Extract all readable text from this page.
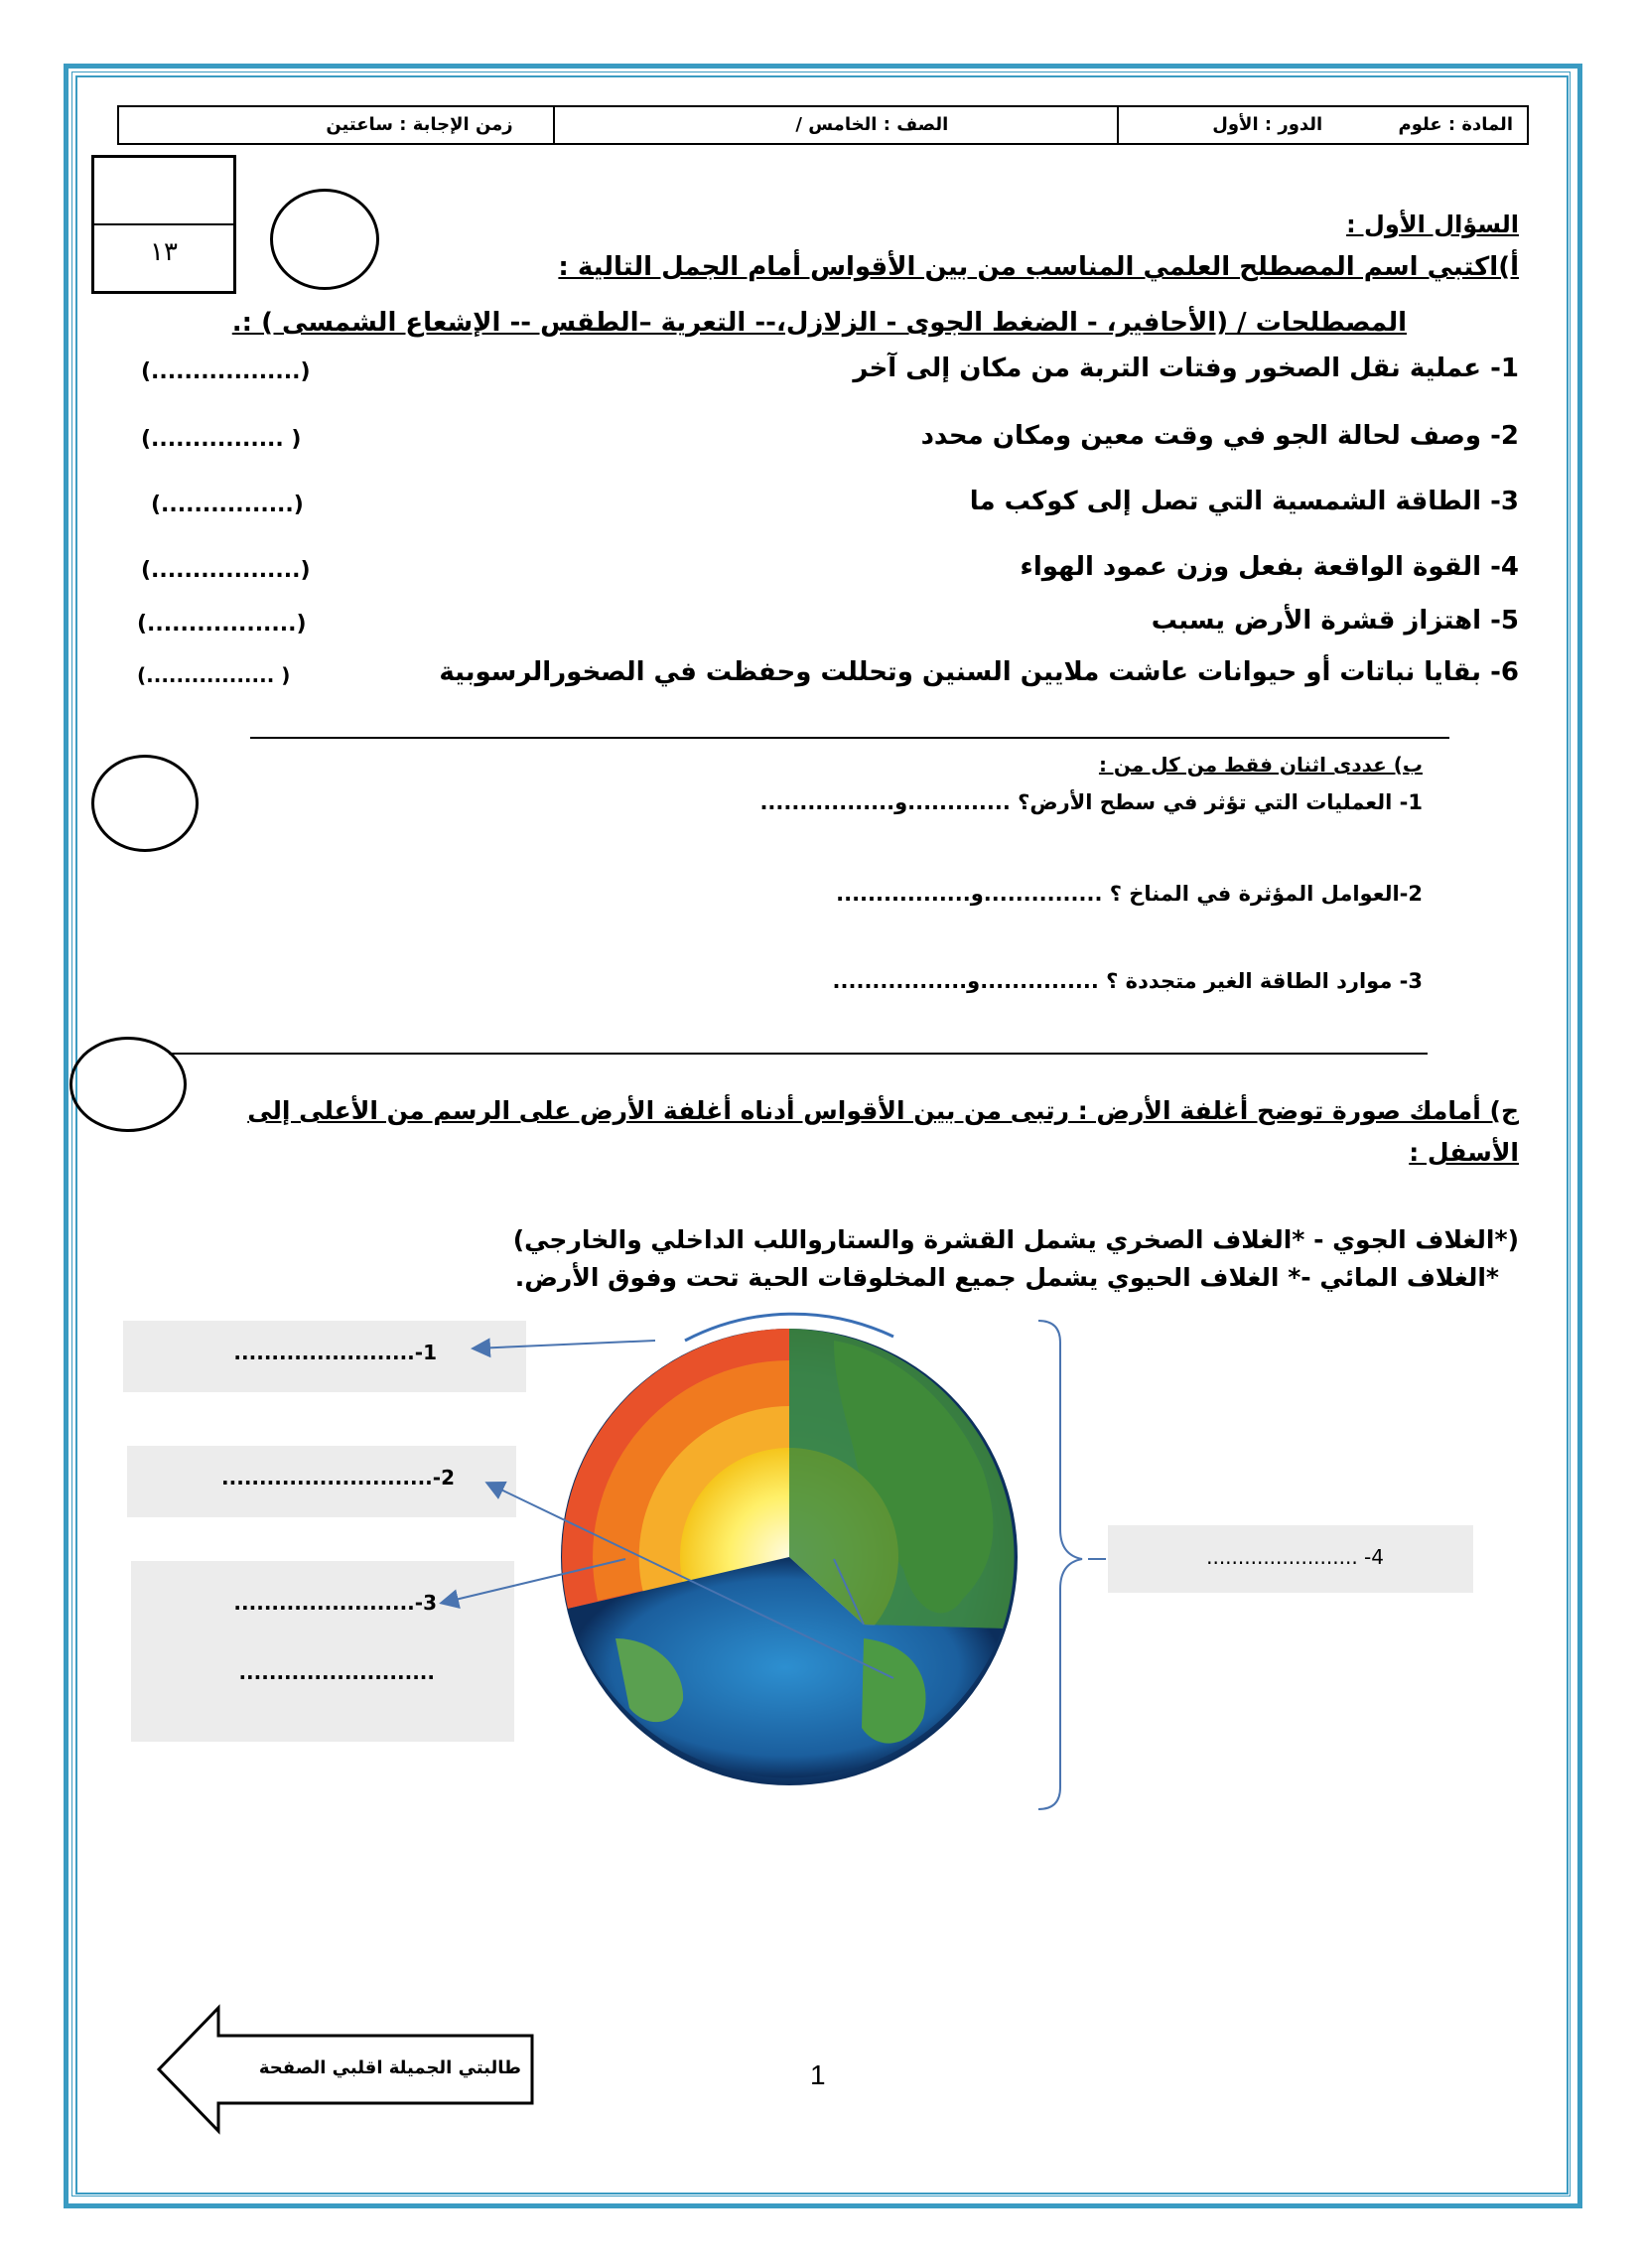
المادة : علوم الدور : الأول
الصف : الخامس /
زمن الإجابة : ساعتين
١٣
السؤال الأول :
أ)اكتبي اسم المصطلح العلمي المناسب من بين الأقواس أمام الجمل التالية :
المصطلحات / (الأحافير، - الضغط الجوى - الزلازل،-- التعرية –الطقس -- الإشعاع الشمسى ) :.
1- عملية نقل الصخور وفتات التربة من مكان إلى آخر
(..................)
2- وصف لحالة الجو في وقت معين ومكان محدد
(................ )
3- الطاقة الشمسية التي تصل إلى كوكب ما
(................)
4- القوة الواقعة بفعل وزن عمود الهواء
(..................)
5- اهتزاز قشرة الأرض يسبب
(..................)
6- بقايا نباتات أو حيوانات عاشت ملايين السنين وتحللت وحفظت في الصخورالرسوبية
(................. )
ب) عددى اثنان فقط من كل من :
1- العمليات التي تؤثر في سطح الأرض؟ .............و.................
2-العوامل المؤثرة في المناخ ؟ ...............و.................
3- موارد الطاقة الغير متجددة ؟ ...............و.................
ج) أمامك صورة توضح أغلفة الأرض : رتبى من بين الأقواس أدناه أغلفة الأرض على الرسم من الأعلى إلى
الأسفل :
(*الغلاف الجوي - *الغلاف الصخري يشمل القشرة والستارواللب الداخلي والخارجي)
*الغلاف المائي -* الغلاف الحيوي يشمل جميع المخلوقات الحية تحت وفوق الأرض.
1-........................
2-............................
3-........................
..........................
4- ........................
طالبتي الجميلة اقلبي الصفحة	1
